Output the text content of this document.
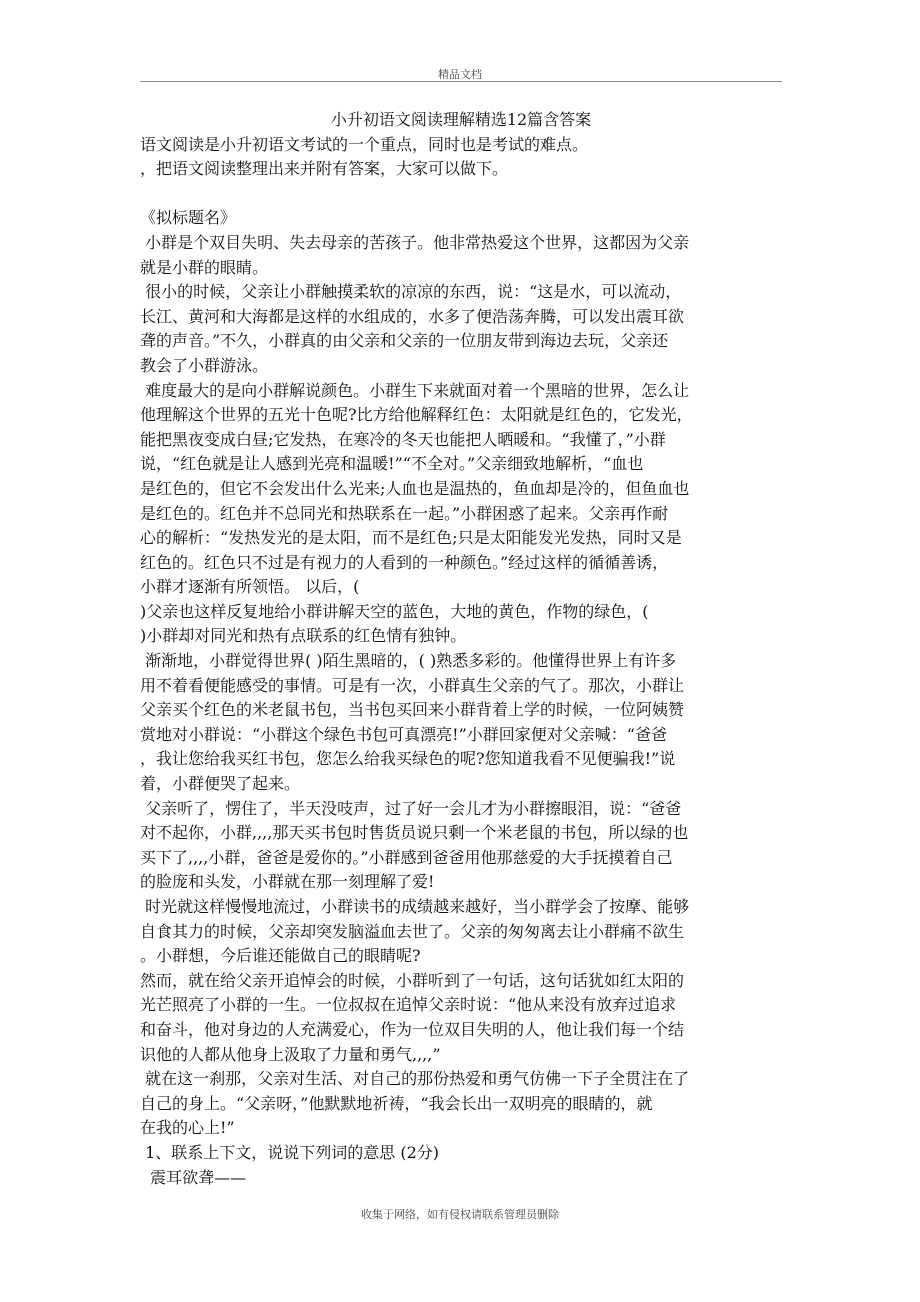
精品文档

小升初语文阅读理解精选12篇含答案

语文阅读是小升初语文考试的一个重点，同时也是考试的难点。

，把语文阅读整理出来并附有答案，大家可以做下。

《拟标题名》

小群是个双目失明、失去母亲的苦孩子。他非常热爱这个世界，这都因为父亲

就是小群的眼睛。

很小的时候，父亲让小群触摸柔软的凉凉的东西，说：“这是水，可以流动，

长江、黄河和大海都是这样的水组成的，水多了便浩荡奔腾，可以发出震耳欲

聋的声音。”不久，小群真的由父亲和父亲的一位朋友带到海边去玩，父亲还

教会了小群游泳。

难度最大的是向小群解说颜色。小群生下来就面对着一个黑暗的世界，怎么让

他理解这个世界的五光十色呢?比方给他解释红色：太阳就是红色的，它发光，

能把黑夜变成白昼;它发热，在寒冷的冬天也能把人晒暖和。“我懂了，”小群

说，“红色就是让人感到光亮和温暖!”“不全对。”父亲细致地解析，“血也

是红色的，但它不会发出什么光来;人血也是温热的，鱼血却是冷的，但鱼血也

是红色的。红色并不总同光和热联系在一起。”小群困惑了起来。父亲再作耐

心的解析：“发热发光的是太阳，而不是红色;只是太阳能发光发热，同时又是

红色的。红色只不过是有视力的人看到的一种颜色。”经过这样的循循善诱，

小群才逐渐有所领悟。 以后，(

)父亲也这样反复地给小群讲解天空的蓝色，大地的黄色，作物的绿色，(

)小群却对同光和热有点联系的红色情有独钟。

渐渐地，小群觉得世界( )陌生黑暗的，( )熟悉多彩的。他懂得世界上有许多

用不着看便能感受的事情。可是有一次，小群真生父亲的气了。那次，小群让

父亲买个红色的米老鼠书包，当书包买回来小群背着上学的时候，一位阿姨赞

赏地对小群说：“小群这个绿色书包可真漂亮!”小群回家便对父亲喊：“爸爸

，我让您给我买红书包，您怎么给我买绿色的呢?您知道我看不见便骗我!”说

着，小群便哭了起来。

父亲听了，愣住了，半天没吱声，过了好一会儿才为小群擦眼泪，说：“爸爸

对不起你，小群,,,,那天买书包时售货员说只剩一个米老鼠的书包，所以绿的也

买下了,,,,小群，爸爸是爱你的。”小群感到爸爸用他那慈爱的大手抚摸着自己

的脸庞和头发，小群就在那一刻理解了爱!

时光就这样慢慢地流过，小群读书的成绩越来越好，当小群学会了按摩、能够

自食其力的时候，父亲却突发脑溢血去世了。父亲的匆匆离去让小群痛不欲生

。小群想，今后谁还能做自己的眼睛呢?

然而，就在给父亲开追悼会的时候，小群听到了一句话，这句话犹如红太阳的

光芒照亮了小群的一生。一位叔叔在追悼父亲时说：“他从来没有放弃过追求

和奋斗，他对身边的人充满爱心，作为一位双目失明的人，他让我们每一个结

识他的人都从他身上汲取了力量和勇气,,,,”

就在这一刹那，父亲对生活、对自己的那份热爱和勇气仿佛一下子全贯注在了

自己的身上。“父亲呀，”他默默地祈祷，“我会长出一双明亮的眼睛的，就

在我的心上!”

1、联系上下文，说说下列词的意思 (2分)

震耳欲聋——

收集于网络，如有侵权请联系管理员删除
